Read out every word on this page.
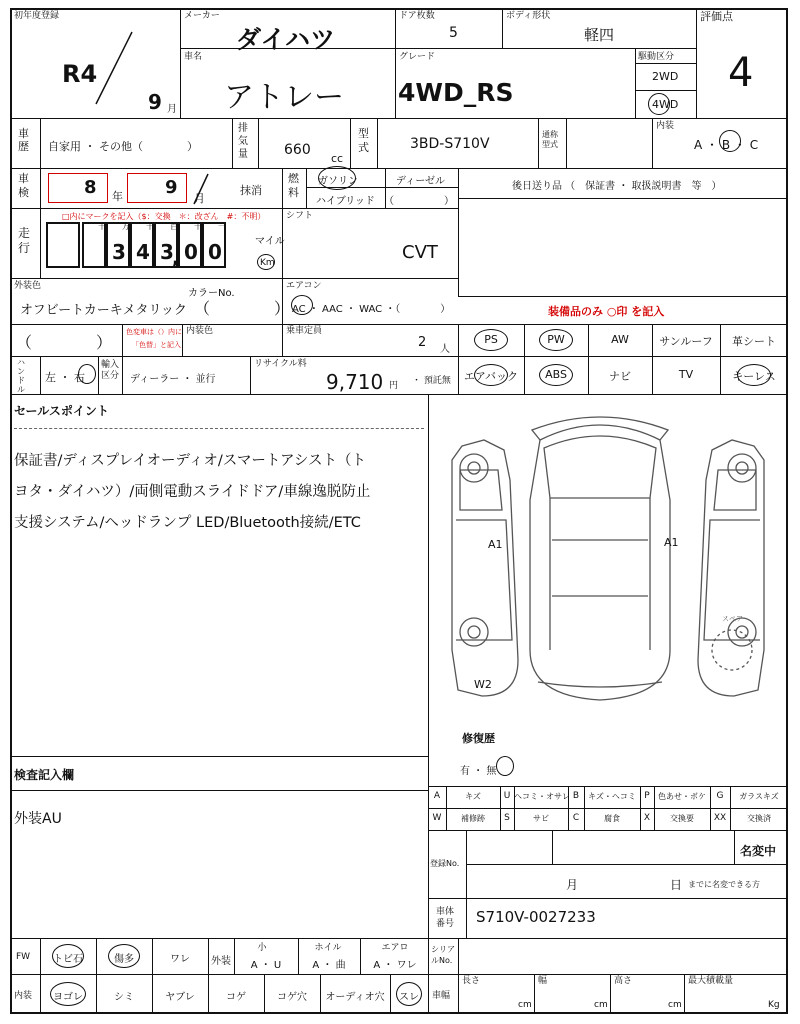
初年度登録
R4
9 月
メーカー
ダイハツ
ドア枚数
5
ボディ形状
軽四
評価点
4
車名
アトレー
グレード
4WD_RS
駆動区分
2WD
4WD
車歴 自家用 ・ その他（　　　　）
排気量	660
cc
型式	3BD-S710V
通称型式
内装
A ・ B ・ C
車検	8 年 9
月
抹消
燃料
ガソリン	ディーゼル
ハイブリッド （　　　　　）
後日送り品 （　保証書 ・ 取扱説明書　等　）
走行
□内にマークを記入（$：交換　＊：改ざん　#：不明）
十 万
3
千
4
百
3
十
0
一
0
,
マイル
Km
シフト
CVT
外装色
オフビートカーキメタリック
カラーNo.
（　　　　）
エアコン
AC ・ AAC ・ WAC ・（　　　　）	装備品のみ ○印 を記入
（　　　　）
色変車は（）内に
「色替」と記入
内装色	乗車定員
2 人
PS	PW	AW	サンルーフ	革シート
エアバック	ABS	ナビ	TV	キーレス
ハンドル
左 ・ 右
輸入区分 ディーラー ・ 並行
リサイクル料
9,710 円 ・ 預託無
セールスポイント
保証書/ディスプレイオーディオ/スマートアシスト（ト
ヨタ・ダイハツ）/両側電動スライドドア/車線逸脱防止
支援システム/ヘッドランプ LED/Bluetooth接続/ETC
検査記入欄
外装AU
A1	A1
W2
スペア
修復歴
有 ・ 無
A	キズ	U ヘコミ・オサレ B	キズ・ヘコミ P	色あせ・ボケ	G	ガラスキズ
W	補修跡	S	サビ	C	腐食	X	交換要	XX	交換済
登録No.
名変中
月	日 までに名変できる方
車体番号	S710V-0027233
トビ石	傷多	ワレ	外装
小
A ・ U
ホイル
A ・ 曲
エアロ
A ・ ワレ
ヨゴレ	シミ	ヤブレ	コゲ	コゲ穴	オーディオ穴	スレ
FW
内装
シリアルNo.
車幅
長さ
cm
幅
cm
高さ
cm
最大積載量
Kg
